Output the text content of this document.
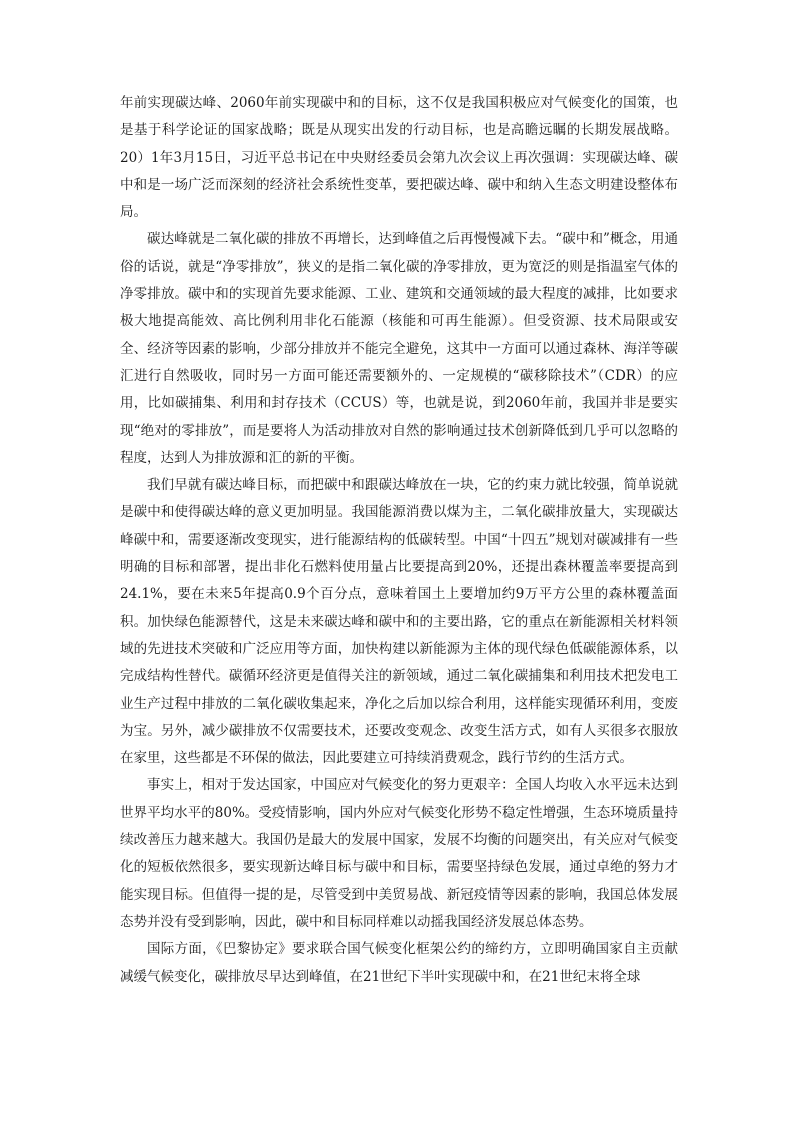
年前实现碳达峰、2060年前实现碳中和的目标，这不仅是我国积极应对气候变化的国策，也是基于科学论证的国家战略；既是从现实出发的行动目标，也是高瞻远瞩的长期发展战略。20）1年3月15日，习近平总书记在中央财经委员会第九次会议上再次强调：实现碳达峰、碳中和是一场广泛而深刻的经济社会系统性变革，要把碳达峰、碳中和纳入生态文明建设整体布局。

碳达峰就是二氧化碳的排放不再增长，达到峰值之后再慢慢减下去。“碳中和”概念，用通俗的话说，就是“净零排放”，狭义的是指二氧化碳的净零排放，更为宽泛的则是指温室气体的净零排放。碳中和的实现首先要求能源、工业、建筑和交通领域的最大程度的减排，比如要求极大地提高能效、高比例利用非化石能源（核能和可再生能源）。但受资源、技术局限或安全、经济等因素的影响，少部分排放并不能完全避免，这其中一方面可以通过森林、海洋等碳汇进行自然吸收，同时另一方面可能还需要额外的、一定规模的“碳移除技术”（CDR）的应用，比如碳捕集、利用和封存技术（CCUS）等，也就是说，到2060年前，我国并非是要实现“绝对的零排放”，而是要将人为活动排放对自然的影响通过技术创新降低到几乎可以忽略的程度，达到人为排放源和汇的新的平衡。

我们早就有碳达峰目标，而把碳中和跟碳达峰放在一块，它的约束力就比较强，简单说就是碳中和使得碳达峰的意义更加明显。我国能源消费以煤为主，二氧化碳排放量大，实现碳达峰碳中和，需要逐渐改变现实，进行能源结构的低碳转型。中国“十四五”规划对碳减排有一些明确的目标和部署，提出非化石燃料使用量占比要提高到20%，还提出森林覆盖率要提高到24.1%，要在未来5年提高0.9个百分点，意味着国土上要增加约9万平方公里的森林覆盖面积。加快绿色能源替代，这是未来碳达峰和碳中和的主要出路，它的重点在新能源相关材料领域的先进技术突破和广泛应用等方面，加快构建以新能源为主体的现代绿色低碳能源体系，以完成结构性替代。碳循环经济更是值得关注的新领域，通过二氧化碳捕集和利用技术把发电工业生产过程中排放的二氧化碳收集起来，净化之后加以综合利用，这样能实现循环利用，变废为宝。另外，减少碳排放不仅需要技术，还要改变观念、改变生活方式，如有人买很多衣服放在家里，这些都是不环保的做法，因此要建立可持续消费观念，践行节约的生活方式。

事实上，相对于发达国家，中国应对气候变化的努力更艰辛：全国人均收入水平远未达到世界平均水平的80%。受疫情影响，国内外应对气候变化形势不稳定性增强，生态环境质量持续改善压力越来越大。我国仍是最大的发展中国家，发展不均衡的问题突出，有关应对气候变化的短板依然很多，要实现新达峰目标与碳中和目标，需要坚持绿色发展，通过卓绝的努力才能实现目标。但值得一提的是，尽管受到中美贸易战、新冠疫情等因素的影响，我国总体发展态势并没有受到影响，因此，碳中和目标同样难以动摇我国经济发展总体态势。

国际方面，《巴黎协定》要求联合国气候变化框架公约的缔约方，立即明确国家自主贡献减缓气候变化，碳排放尽早达到峰值，在21世纪下半叶实现碳中和，在21世纪末将全球
